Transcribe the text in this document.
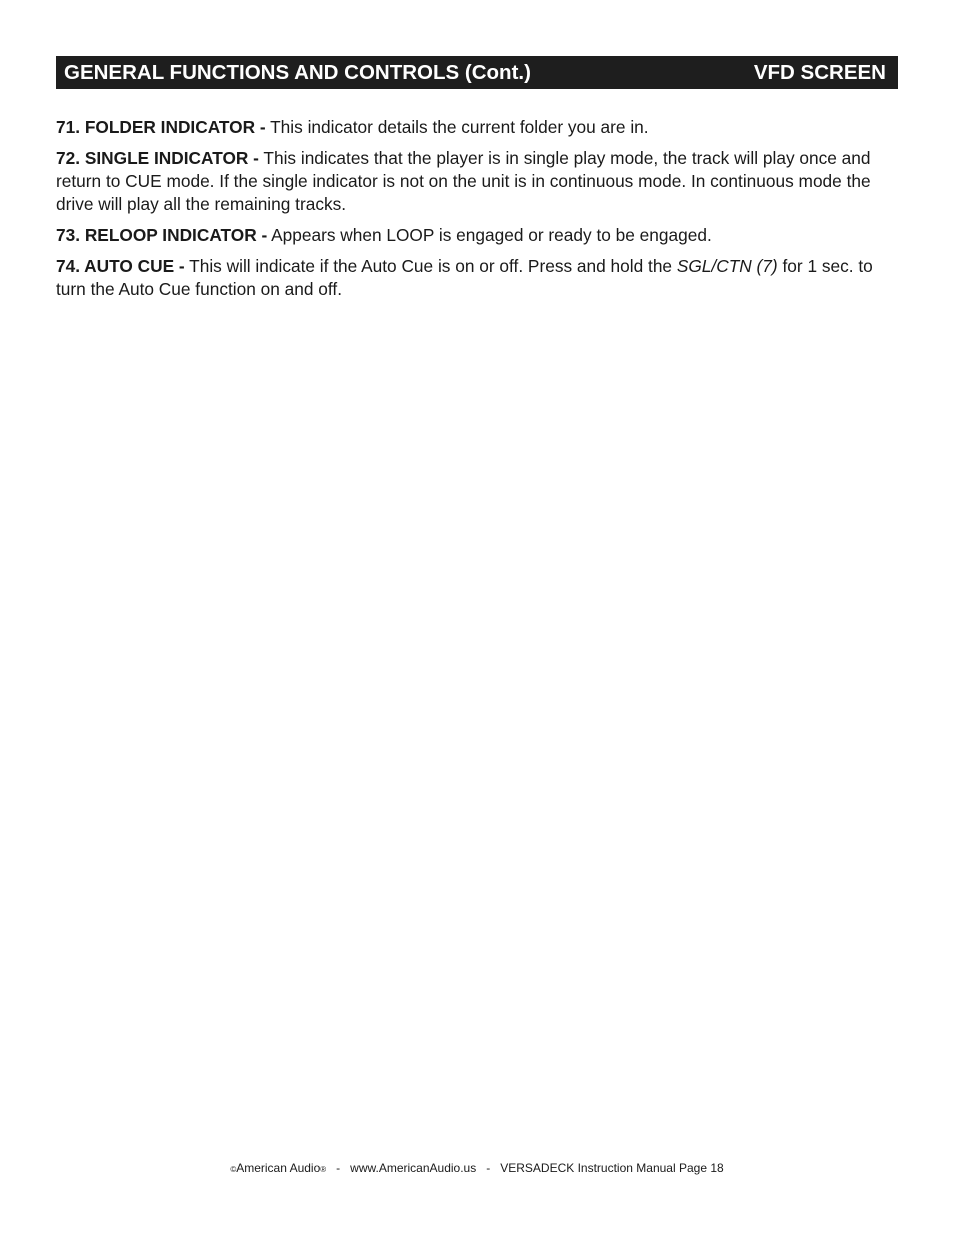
GENERAL FUNCTIONS AND CONTROLS (Cont.)	VFD SCREEN

71. FOLDER INDICATOR - This indicator details the current folder you are in.

72. SINGLE INDICATOR - This indicates that the player is in single play mode, the track will play once and return to CUE mode. If the single indicator is not on the unit is in continuous mode. In continuous mode the drive will play all the remaining tracks.

73. RELOOP INDICATOR - Appears when LOOP is engaged or ready to be engaged.

74. AUTO CUE - This will indicate if the Auto Cue is on or off. Press and hold the SGL/CTN (7) for 1 sec. to turn the Auto Cue function on and off.

©American Audio®   -   www.AmericanAudio.us   -   VERSADECK Instruction Manual Page 18
